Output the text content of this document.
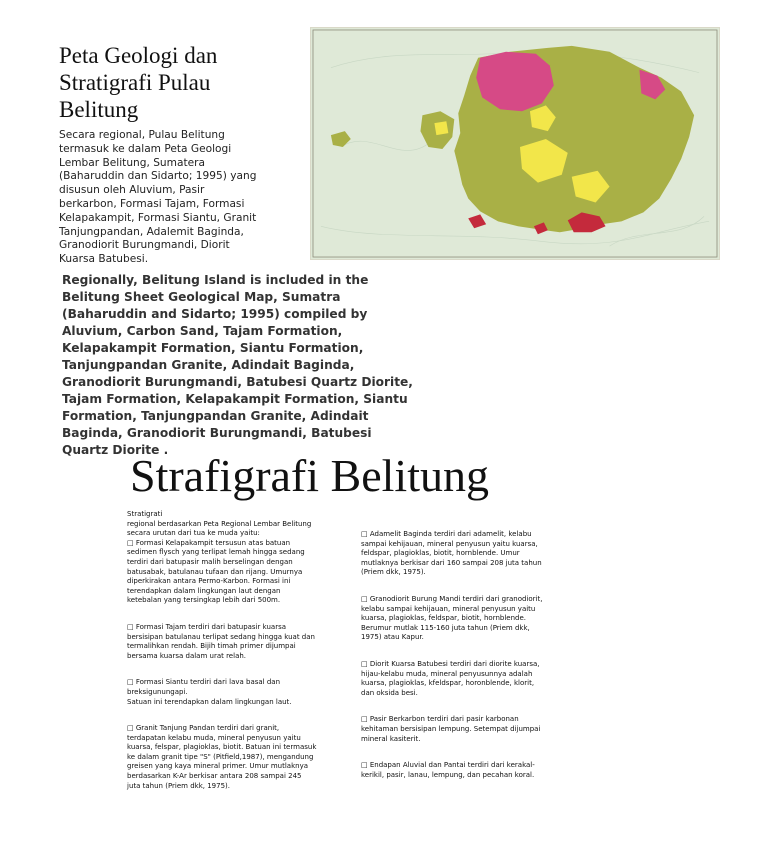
Peta Geologi dan Stratigrafi Pulau Belitung

Secara regional, Pulau Belitung termasuk ke dalam Peta Geologi Lembar Belitung, Sumatera (Baharuddin dan Sidarto; 1995) yang disusun oleh Aluvium, Pasir berkarbon, Formasi Tajam, Formasi Kelapakampit, Formasi Siantu, Granit Tanjungpandan, Adalemit Baginda, Granodiorit Burungmandi, Diorit Kuarsa Batubesi.

Regionally, Belitung Island is included in the Belitung Sheet Geological Map, Sumatra (Baharuddin and Sidarto; 1995) compiled by Aluvium, Carbon Sand, Tajam Formation, Kelapakampit Formation, Siantu Formation, Tanjungpandan Granite, Adindait Baginda, Granodiorit Burungmandi, Batubesi Quartz Diorite, Tajam Formation, Kelapakampit Formation, Siantu Formation, Tanjungpandan Granite, Adindait Baginda, Granodiorit Burungmandi, Batubesi Quartz Diorite .

Strafigrafi Belitung

Stratigrati
regional berdasarkan Peta Regional Lembar Belitung secara urutan dari tua ke muda yaitu:
□ Formasi Kelapakampit tersusun atas batuan sedimen flysch yang terlipat lemah hingga sedang terdiri dari batupasir malih berselingan dengan batusabak, batulanau tufaan dan rijang. Umurnya diperkirakan antara Permo-Karbon. Formasi ini terendapkan dalam lingkungan laut dengan ketebalan yang tersingkap lebih dari 500m.

□ Formasi Tajam terdiri dari batupasir kuarsa bersisipan batulanau terlipat sedang hingga kuat dan termalihkan rendah. Bijih timah primer dijumpai bersama kuarsa dalam urat relah.

□ Formasi Siantu terdiri dari lava basal dan breksigunungapi.
Satuan ini terendapkan dalam lingkungan laut.

□ Granit Tanjung Pandan terdiri dari granit, terdapatan kelabu muda, mineral penyusun yaitu kuarsa, felspar, plagioklas, biotit. Batuan ini termasuk ke dalam granit tipe "S" (Pitfield,1987), mengandung greisen yang kaya mineral primer. Umur mutlaknya berdasarkan K-Ar berkisar antara 208 sampai 245 juta tahun (Priem dkk, 1975).

□ Adamelit Baginda terdiri dari adamelit, kelabu sampai kehijauan, mineral penyusun yaitu kuarsa, feldspar, plagioklas, biotit, hornblende. Umur mutlaknya berkisar dari 160 sampai 208 juta tahun (Priem dkk, 1975).

□ Granodiorit Burung Mandi terdiri dari granodiorit, kelabu sampai kehijauan, mineral penyusun yaitu kuarsa, plagioklas, feldspar, biotit, hornblende. Berumur mutlak 115-160 juta tahun (Priem dkk, 1975) atau Kapur.

□ Diorit Kuarsa Batubesi terdiri dari diorite kuarsa, hijau-kelabu muda, mineral penyusunnya adalah kuarsa, plagioklas, kfeldspar, horonblende, klorit, dan oksida besi.

□ Pasir Berkarbon terdiri dari pasir karbonan kehitaman bersisipan lempung. Setempat dijumpai mineral kasiterit.

□ Endapan Aluvial dan Pantai terdiri dari kerakal-kerikil, pasir, lanau, lempung, dan pecahan koral.
